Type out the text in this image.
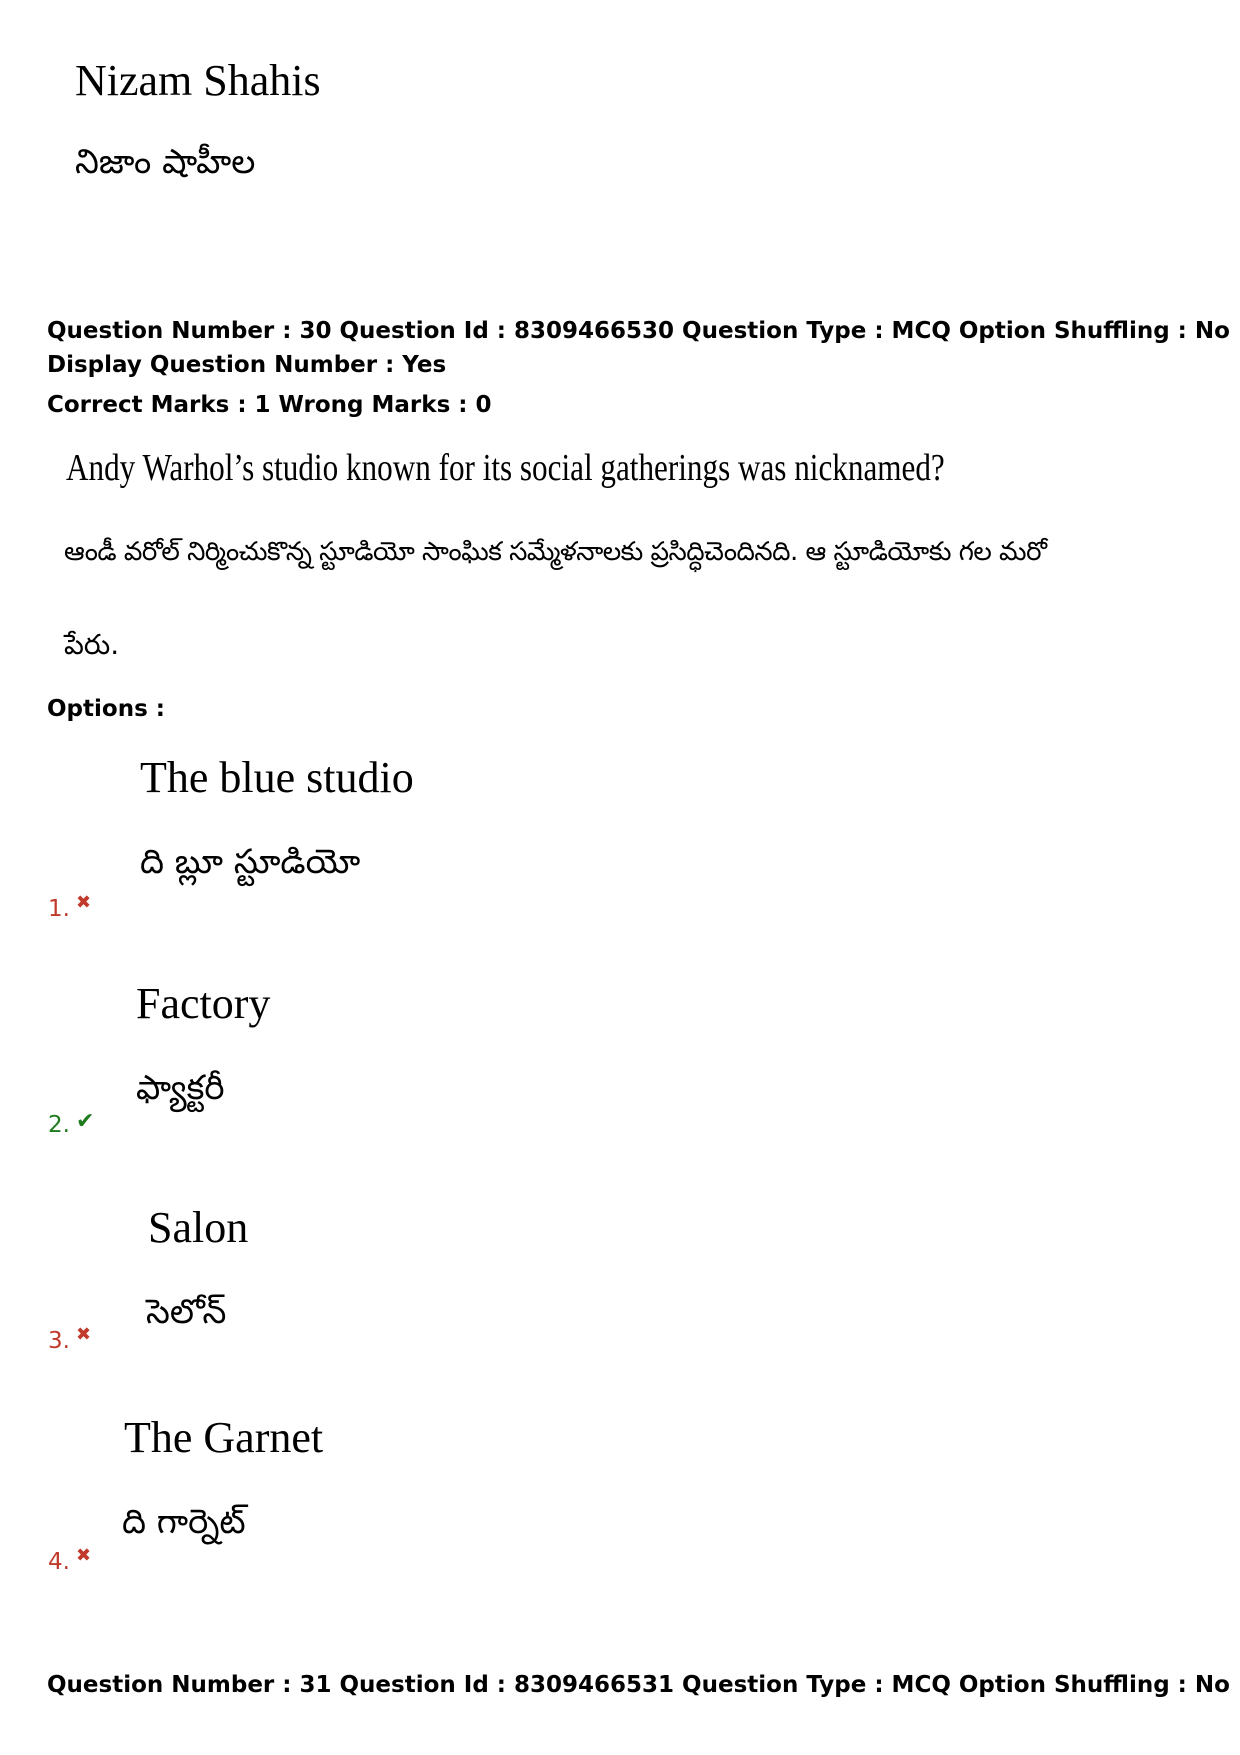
Nizam Shahis
నిజాం షాహీల
Question Number : 30 Question Id : 8309466530 Question Type : MCQ Option Shuffling : No
Display Question Number : Yes
Correct Marks : 1 Wrong Marks : 0
Andy Warhol’s studio known for its social gatherings was nicknamed?
ఆండీ వరోల్ నిర్మించుకొన్న స్టూడియో సాంఘిక సమ్మేళనాలకు ప్రసిద్ధిచెందినది. ఆ స్టూడియోకు గల మరో
పేరు.
Options :
The blue studio
ది బ్లూ స్టూడియో
1. ✖
Factory
ఫ్యాక్టరీ
2. ✔
Salon
సెలోన్
3. ✖
The Garnet
ది గార్నెట్
4. ✖
Question Number : 31 Question Id : 8309466531 Question Type : MCQ Option Shuffling : No
